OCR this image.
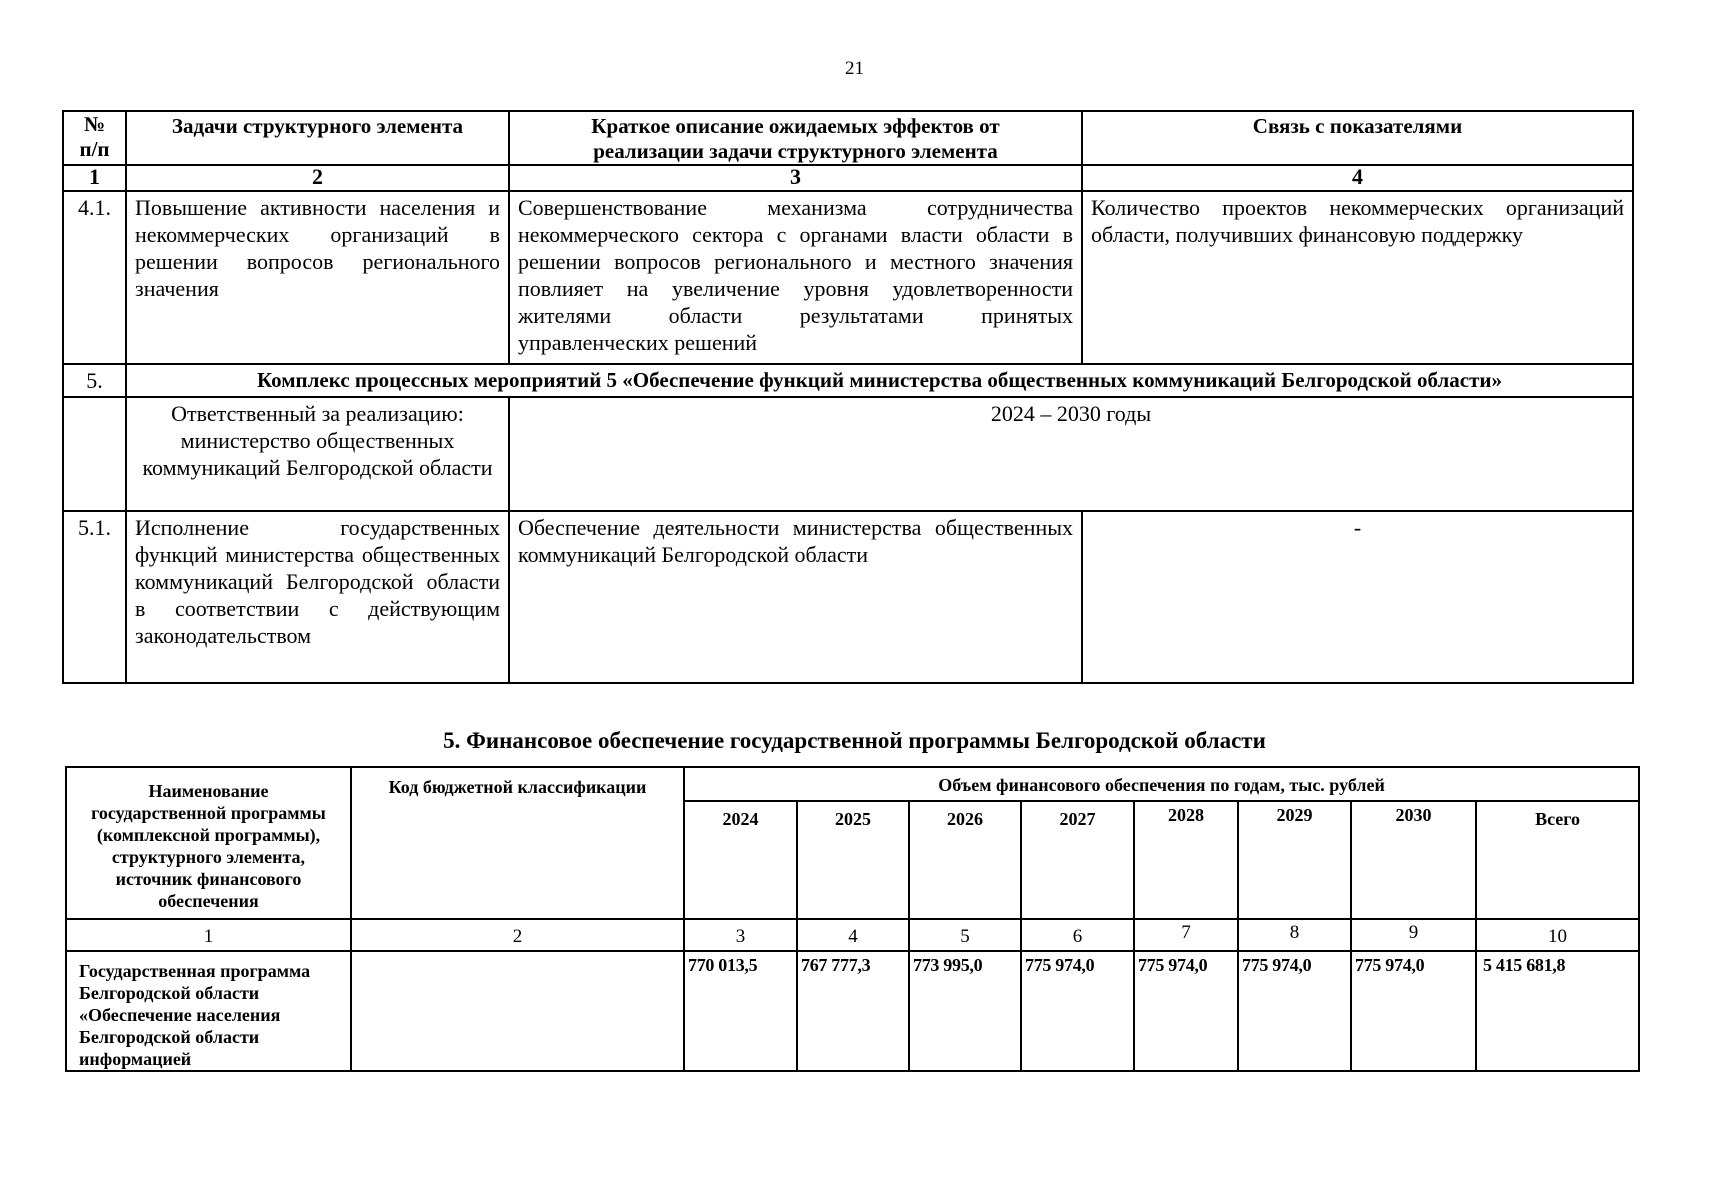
21
№ п/п	Задачи структурного элемента	Краткое описание ожидаемых эффектов от реализации задачи структурного элемента	Связь с показателями

1	2	3	4

4.1.	Повышение активности населения и некоммерческих организаций в решении вопросов регионального значения	Совершенствование механизма сотрудничества некоммерческого сектора с органами власти области в решении вопросов регионального и местного значения повлияет на увеличение уровня удовлетворенности жителями области результатами принятых управленческих решений	Количество проектов некоммерческих организаций области, получивших финансовую поддержку

5.	Комплекс процессных мероприятий 5 «Обеспечение функций министерства общественных коммуникаций Белгородской области»		

	Ответственный за реализацию: министерство общественных коммуникаций Белгородской области	2024 – 2030 годы	

5.1.	Исполнение государственных функций министерства общественных коммуникаций Белгородской области в соответствии с действующим законодательством	Обеспечение деятельности министерства общественных коммуникаций Белгородской области	-
5. Финансовое обеспечение государственной программы Белгородской области
Наименование государственной программы (комплексной программы), структурного элемента, источник финансового обеспечения	Код бюджетной классификации	Объем финансового обеспечения по годам, тыс. рублей							

		2024	2025	2026	2027	2028	2029	2030	Всего

1	2	3	4	5	6	7	8	9	10

Государственная программа Белгородской области «Обеспечение населения Белгородской области информацией		770 013,5	767 777,3	773 995,0	775 974,0	775 974,0	775 974,0	775 974,0	5 415 681,8
